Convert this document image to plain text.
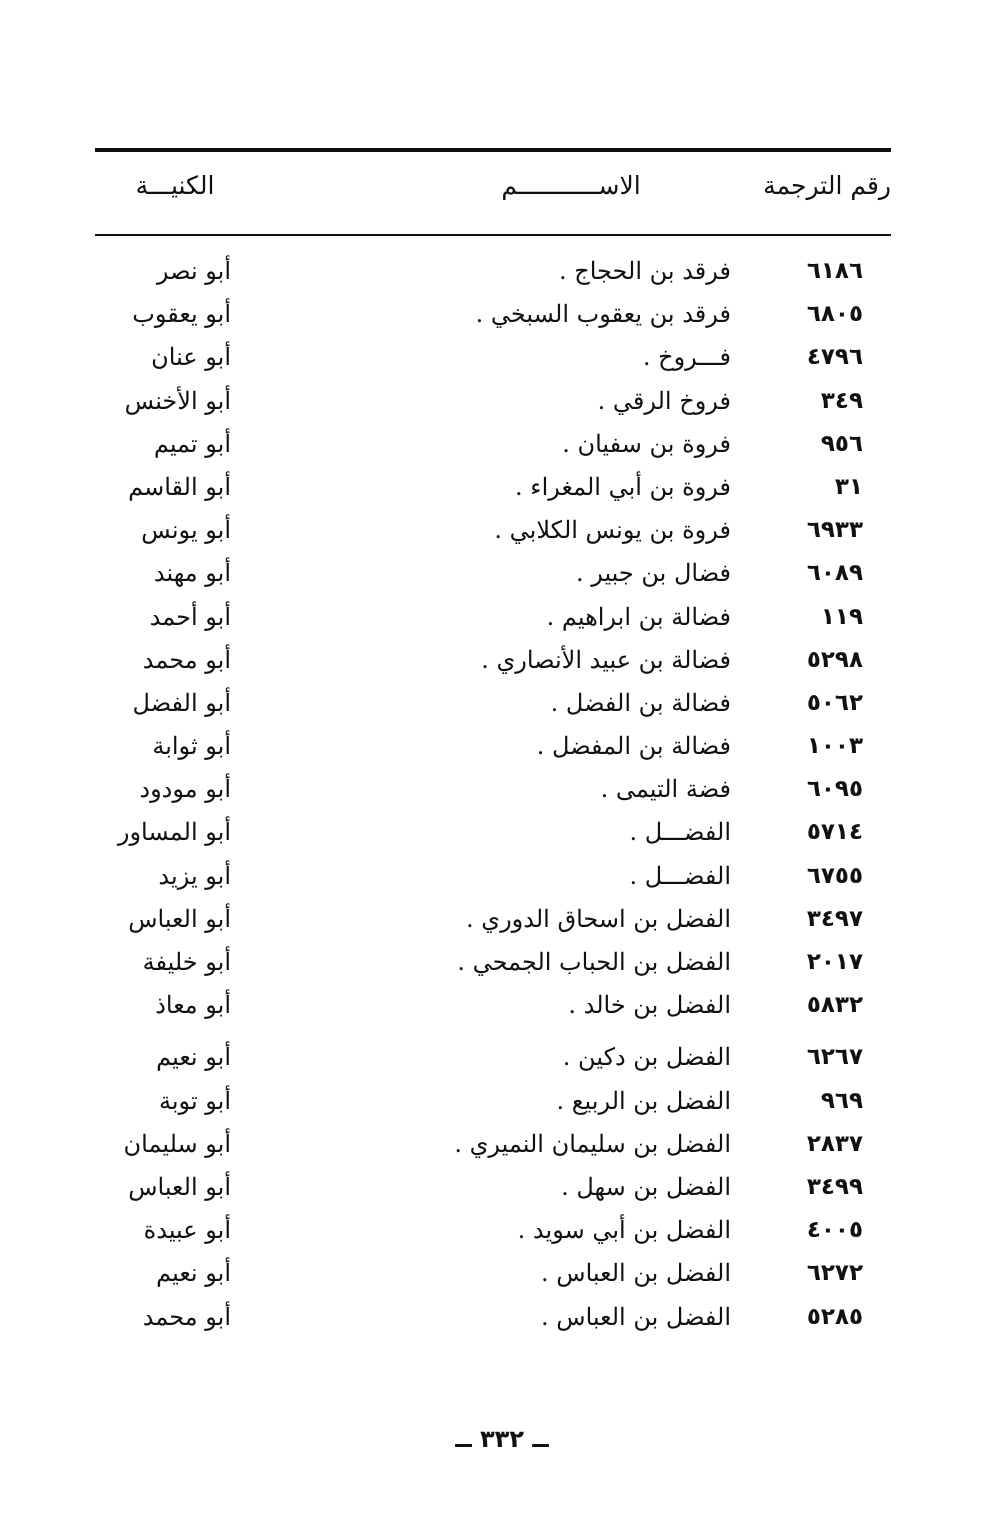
رقم الترجمة
الاســـــــــــم
الكنيـــة
٦١٨٦
فرقد بن الحجاج .
أبو نصر
٦٨٠٥
فرقد بن يعقوب السبخي .
أبو يعقوب
٤٧٩٦
فـــروخ .
أبو عنان
٣٤٩
فروخ الرقي .
أبو الأخنس
٩٥٦
فروة بن سفيان .
أبو تميم
٣١
فروة بن أبي المغراء .
أبو القاسم
٦٩٣٣
فروة بن يونس الكلابي .
أبو يونس
٦٠٨٩
فضال بن جبير .
أبو مهند
١١٩
فضالة بن ابراهيم .
أبو أحمد
٥٢٩٨
فضالة بن عبيد الأنصاري .
أبو محمد
٥٠٦٢
فضالة بن الفضل .
أبو الفضل
١٠٠٣
فضالة بن المفضل .
أبو ثوابة
٦٠٩٥
فضة التيمى .
أبو مودود
٥٧١٤
الفضـــل .
أبو المساور
٦٧٥٥
الفضـــل .
أبو يزيد
٣٤٩٧
الفضل بن اسحاق الدوري .
أبو العباس
٢٠١٧
الفضل بن الحباب الجمحي .
أبو خليفة
٥٨٣٢
الفضل بن خالد .
أبو معاذ
٦٢٦٧
الفضل بن دكين .
أبو نعيم
٩٦٩
الفضل بن الربيع .
أبو توبة
٢٨٣٧
الفضل بن سليمان النميري .
أبو سليمان
٣٤٩٩
الفضل بن سهل .
أبو العباس
٤٠٠٥
الفضل بن أبي سويد .
أبو عبيدة
٦٢٧٢
الفضل بن العباس .
أبو نعيم
٥٢٨٥
الفضل بن العباس .
أبو محمد
ــ ٣٣٢ ــ
